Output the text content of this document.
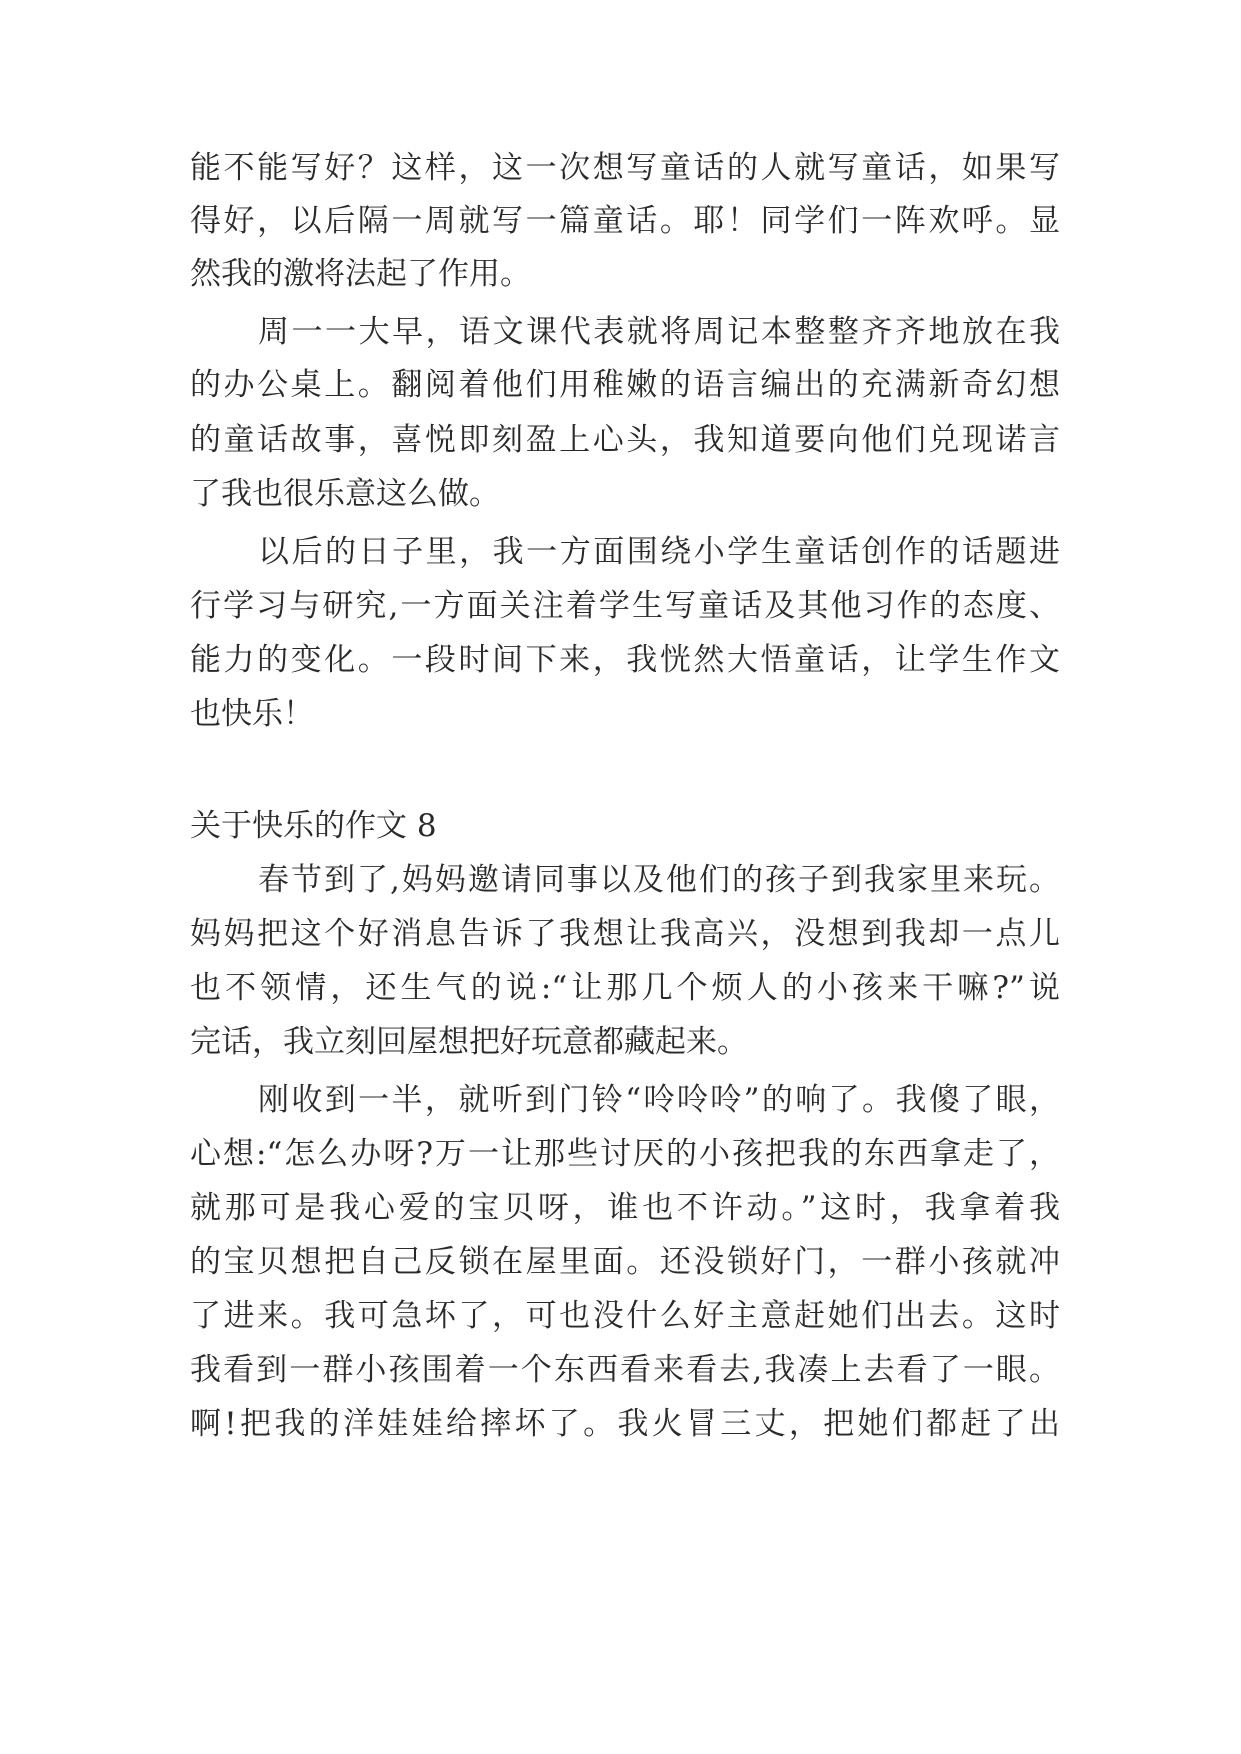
能不能写好？这样，这一次想写童话的人就写童话，如果写
得好，以后隔一周就写一篇童话。耶！同学们一阵欢呼。显
然我的激将法起了作用。
周一一大早，语文课代表就将周记本整整齐齐地放在我
的办公桌上。翻阅着他们用稚嫩的语言编出的充满新奇幻想
的童话故事，喜悦即刻盈上心头，我知道要向他们兑现诺言
了我也很乐意这么做。
以后的日子里，我一方面围绕小学生童话创作的话题进
行学习与研究,一方面关注着学生写童话及其他习作的态度、
能力的变化。一段时间下来，我恍然大悟童话，让学生作文
也快乐！
关于快乐的作文 8
春节到了,妈妈邀请同事以及他们的孩子到我家里来玩。
妈妈把这个好消息告诉了我想让我高兴，没想到我却一点儿
也不领情，还生气的说:“让那几个烦人的小孩来干嘛?”说
完话，我立刻回屋想把好玩意都藏起来。
刚收到一半，就听到门铃“呤呤呤”的响了。我傻了眼，
心想:“怎么办呀?万一让那些讨厌的小孩把我的东西拿走了，
就那可是我心爱的宝贝呀，谁也不许动。”这时，我拿着我
的宝贝想把自己反锁在屋里面。还没锁好门，一群小孩就冲
了进来。我可急坏了，可也没什么好主意赶她们出去。这时
我看到一群小孩围着一个东西看来看去,我凑上去看了一眼。
啊!把我的洋娃娃给摔坏了。我火冒三丈，把她们都赶了出
